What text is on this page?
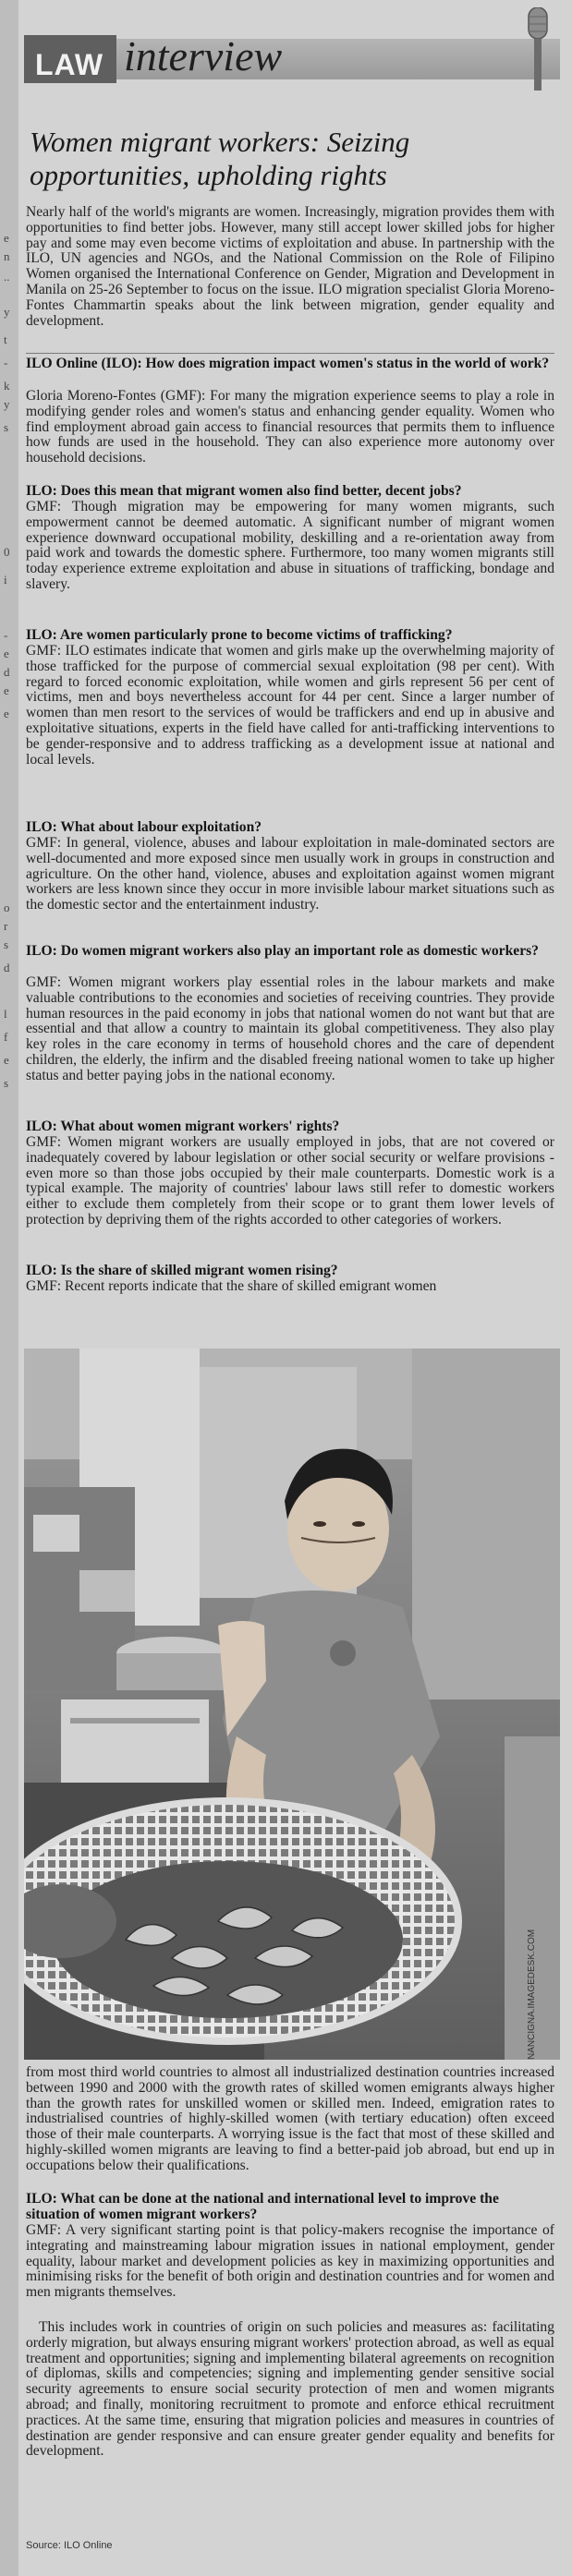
e
n
..
y
t
-
k
y
s
0
i
-
e
d
e
e
o
r
s
d
l
f
e
s
LAW interview
Women migrant workers: Seizing opportunities, upholding rights

Nearly half of the world's migrants are women. Increasingly, migration provides them with opportunities to find better jobs. However, many still accept lower skilled jobs for higher pay and some may even become victims of exploitation and abuse. In partnership with the ILO, UN agencies and NGOs, and the National Commission on the Role of Filipino Women organised the International Conference on Gender, Migration and Development in Manila on 25-26 September to focus on the issue. ILO migration specialist Gloria Moreno-Fontes Chammartin speaks about the link between migration, gender equality and development.

ILO Online (ILO): How does migration impact women's status in the world of work?

Gloria Moreno-Fontes (GMF): For many the migration experience seems to play a role in modifying gender roles and women's status and enhancing gender equality. Women who find employment abroad gain access to financial resources that permits them to influence how funds are used in the household. They can also experience more autonomy over household decisions.

ILO: Does this mean that migrant women also find better, decent jobs?

GMF: Though migration may be empowering for many women migrants, such empowerment cannot be deemed automatic. A significant number of migrant women experience downward occupational mobility, deskilling and a re-orientation away from paid work and towards the domestic sphere. Furthermore, too many women migrants still today experience extreme exploitation and abuse in situations of trafficking, bondage and slavery.

ILO: Are women particularly prone to become victims of trafficking?

GMF: ILO estimates indicate that women and girls make up the overwhelming majority of those trafficked for the purpose of commercial sexual exploitation (98 per cent). With regard to forced economic exploitation, while women and girls represent 56 per cent of victims, men and boys nevertheless account for 44 per cent. Since a larger number of women than men resort to the services of would be traffickers and end up in abusive and exploitative situations, experts in the field have called for anti-trafficking interventions to be gender-responsive and to address trafficking as a development issue at national and local levels.

ILO: What about labour exploitation?

GMF: In general, violence, abuses and labour exploitation in male-dominated sectors are well-documented and more exposed since men usually work in groups in construction and agriculture. On the other hand, violence, abuses and exploitation against women migrant workers are less known since they occur in more invisible labour market situations such as the domestic sector and the entertainment industry.

ILO: Do women migrant workers also play an important role as domestic workers?

GMF: Women migrant workers play essential roles in the labour markets and make valuable contributions to the economies and societies of receiving countries. They provide human resources in the paid economy in jobs that national women do not want but that are essential and that allow a country to maintain its global competitiveness. They also play key roles in the care economy in terms of household chores and the care of dependent children, the elderly, the infirm and the disabled freeing national women to take up higher status and better paying jobs in the national economy.

ILO: What about women migrant workers' rights?

GMF: Women migrant workers are usually employed in jobs, that are not covered or inadequately covered by labour legislation or other social security or welfare provisions - even more so than those jobs occupied by their male counterparts. Domestic work is a typical example. The majority of countries' labour laws still refer to domestic workers either to exclude them completely from their scope or to grant them lower levels of protection by depriving them of the rights accorded to other categories of workers.

ILO: Is the share of skilled migrant women rising?

GMF: Recent reports indicate that the share of skilled emigrant women

NANCIGNA.IMAGEDESK.COM

from most third world countries to almost all industrialized destination countries increased between 1990 and 2000 with the growth rates of skilled women emigrants always higher than the growth rates for unskilled women or skilled men. Indeed, emigration rates to industrialised countries of highly-skilled women (with tertiary education) often exceed those of their male counterparts. A worrying issue is the fact that most of these skilled and highly-skilled women migrants are leaving to find a better-paid job abroad, but end up in occupations below their qualifications.

ILO: What can be done at the national and international level to improve the situation of women migrant workers?

GMF: A very significant starting point is that policy-makers recognise the importance of integrating and mainstreaming labour migration issues in national employment, gender equality, labour market and development policies as key in maximizing opportunities and minimising risks for the benefit of both origin and destination countries and for women and men migrants themselves.

This includes work in countries of origin on such policies and measures as: facilitating orderly migration, but always ensuring migrant workers' protection abroad, as well as equal treatment and opportunities; signing and implementing bilateral agreements on recognition of diplomas, skills and competencies; signing and implementing gender sensitive social security agreements to ensure social security protection of men and women migrants abroad; and finally, monitoring recruitment to promote and enforce ethical recruitment practices. At the same time, ensuring that migration policies and measures in countries of destination are gender responsive and can ensure greater gender equality and benefits for development.

Source: ILO Online
